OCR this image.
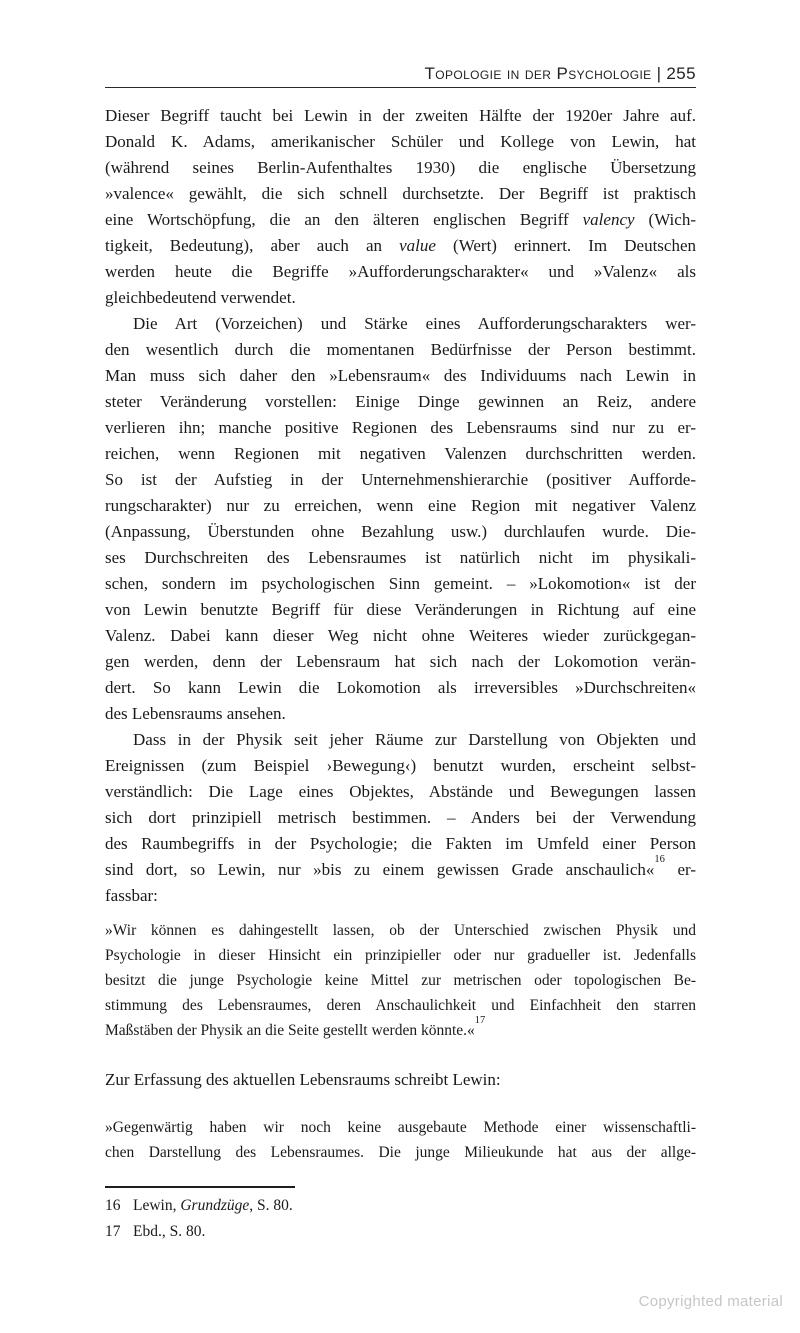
Topologie in der Psychologie | 255
Dieser Begriff taucht bei Lewin in der zweiten Hälfte der 1920er Jahre auf.
Donald K. Adams, amerikanischer Schüler und Kollege von Lewin, hat
(während seines Berlin-Aufenthaltes 1930) die englische Übersetzung
»valence« gewählt, die sich schnell durchsetzte. Der Begriff ist praktisch
eine Wortschöpfung, die an den älteren englischen Begriff valency (Wich-
tigkeit, Bedeutung), aber auch an value (Wert) erinnert. Im Deutschen
werden heute die Begriffe »Aufforderungscharakter« und »Valenz« als
gleichbedeutend verwendet.
Die Art (Vorzeichen) und Stärke eines Aufforderungscharakters wer-
den wesentlich durch die momentanen Bedürfnisse der Person bestimmt.
Man muss sich daher den »Lebensraum« des Individuums nach Lewin in
steter Veränderung vorstellen: Einige Dinge gewinnen an Reiz, andere
verlieren ihn; manche positive Regionen des Lebensraums sind nur zu er-
reichen, wenn Regionen mit negativen Valenzen durchschritten werden.
So ist der Aufstieg in der Unternehmenshierarchie (positiver Aufforde-
rungscharakter) nur zu erreichen, wenn eine Region mit negativer Valenz
(Anpassung, Überstunden ohne Bezahlung usw.) durchlaufen wurde. Die-
ses Durchschreiten des Lebensraumes ist natürlich nicht im physikali-
schen, sondern im psychologischen Sinn gemeint. – »Lokomotion« ist der
von Lewin benutzte Begriff für diese Veränderungen in Richtung auf eine
Valenz. Dabei kann dieser Weg nicht ohne Weiteres wieder zurückgegan-
gen werden, denn der Lebensraum hat sich nach der Lokomotion verän-
dert. So kann Lewin die Lokomotion als irreversibles »Durchschreiten«
des Lebensraums ansehen.
Dass in der Physik seit jeher Räume zur Darstellung von Objekten und
Ereignissen (zum Beispiel ›Bewegung‹) benutzt wurden, erscheint selbst-
verständlich: Die Lage eines Objektes, Abstände und Bewegungen lassen
sich dort prinzipiell metrisch bestimmen. – Anders bei der Verwendung
des Raumbegriffs in der Psychologie; die Fakten im Umfeld einer Person
sind dort, so Lewin, nur »bis zu einem gewissen Grade anschaulich«$^{16}$ er-
fassbar:
»Wir können es dahingestellt lassen, ob der Unterschied zwischen Physik und
Psychologie in dieser Hinsicht ein prinzipieller oder nur gradueller ist. Jedenfalls
besitzt die junge Psychologie keine Mittel zur metrischen oder topologischen Be-
stimmung des Lebensraumes, deren Anschaulichkeit und Einfachheit den starren
Maßstäben der Physik an die Seite gestellt werden könnte.«$^{17}$
Zur Erfassung des aktuellen Lebensraums schreibt Lewin:
»Gegenwärtig haben wir noch keine ausgebaute Methode einer wissenschaftli-
chen Darstellung des Lebensraumes. Die junge Milieukunde hat aus der allge-
16 Lewin, Grundzüge, S. 80.
17 Ebd., S. 80.
Copyrighted material
